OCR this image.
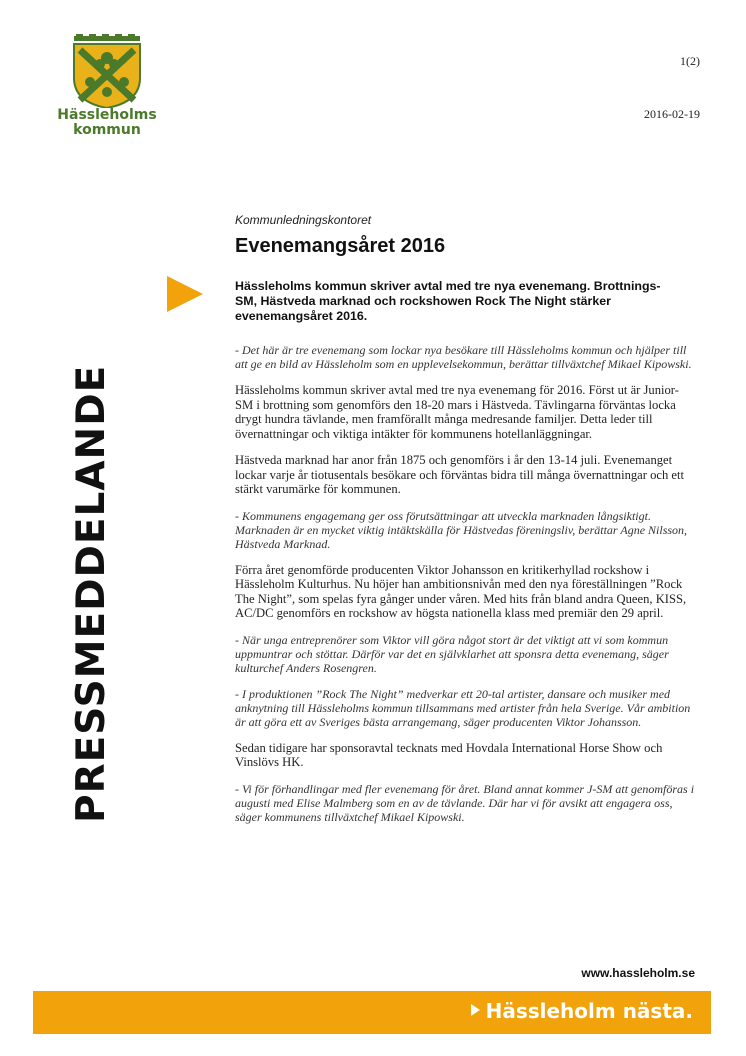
Hässleholms
kommun
1(2)
2016-02-19
PRESSMEDDELANDE
Kommunledningskontoret
Evenemangsåret 2016

Hässleholms kommun skriver avtal med tre nya evenemang. Brottnings-SM, Hästveda marknad och rockshowen Rock The Night stärker evenemangsåret 2016.

- Det här är tre evenemang som lockar nya besökare till Hässleholms kommun och hjälper till att ge en bild av Hässleholm som en upplevelsekommun, berättar tillväxtchef Mikael Kipowski.

Hässleholms kommun skriver avtal med tre nya evenemang för 2016. Först ut är Junior-SM i brottning som genomförs den 18-20 mars i Hästveda. Tävlingarna förväntas locka drygt hundra tävlande, men framförallt många medresande familjer. Detta leder till övernattningar och viktiga intäkter för kommunens hotellanläggningar.

Hästveda marknad har anor från 1875 och genomförs i år den 13-14 juli. Evenemanget lockar varje år tiotusentals besökare och förväntas bidra till många övernattningar och ett stärkt varumärke för kommunen.

- Kommunens engagemang ger oss förutsättningar att utveckla marknaden långsiktigt. Marknaden är en mycket viktig intäktskälla för Hästvedas föreningsliv, berättar Agne Nilsson, Hästveda Marknad.

Förra året genomförde producenten Viktor Johansson en kritikerhyllad rockshow i Hässleholm Kulturhus. Nu höjer han ambitionsnivån med den nya föreställningen ”Rock The Night”, som spelas fyra gånger under våren. Med hits från bland andra Queen, KISS, AC/DC genomförs en rockshow av högsta nationella klass med premiär den 29 april.

- När unga entreprenörer som Viktor vill göra något stort är det viktigt att vi som kommun uppmuntrar och stöttar. Därför var det en självklarhet att sponsra detta evenemang, säger kulturchef Anders Rosengren.

- I produktionen ”Rock The Night” medverkar ett 20-tal artister, dansare och musiker med anknytning till Hässleholms kommun tillsammans med artister från hela Sverige. Vår ambition är att göra ett av Sveriges bästa arrangemang, säger producenten Viktor Johansson.

Sedan tidigare har sponsoravtal tecknats med Hovdala International Horse Show och Vinslövs HK.

- Vi för förhandlingar med fler evenemang för året. Bland annat kommer J-SM att genomföras i augusti med Elise Malmberg som en av de tävlande. Där har vi för avsikt att engagera oss, säger kommunens tillväxtchef Mikael Kipowski.

www.hassleholm.se
Hässleholm nästa.
